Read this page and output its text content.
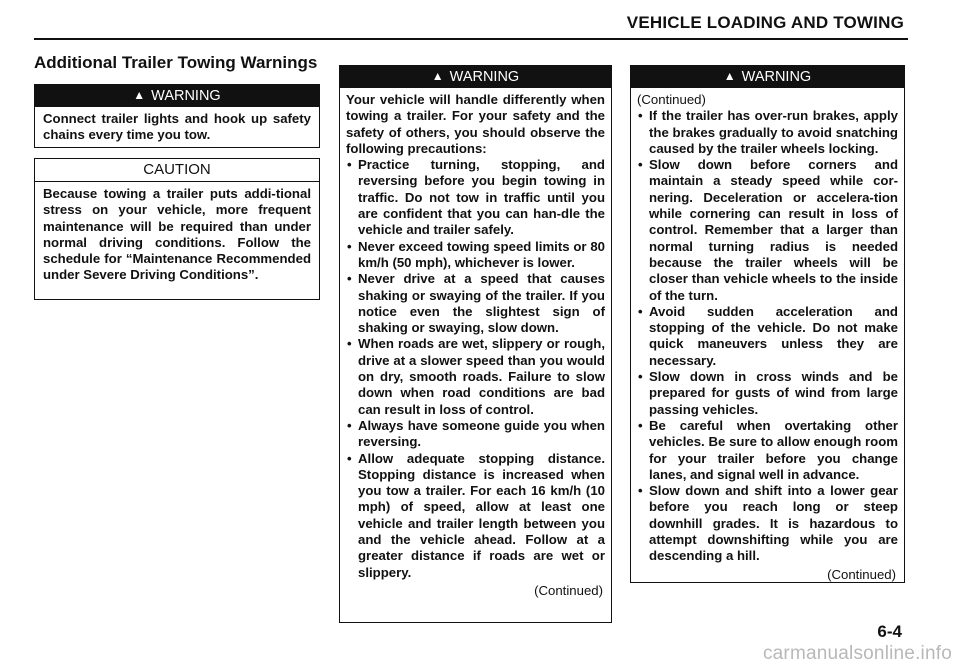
VEHICLE LOADING AND TOWING
Additional Trailer Towing Warnings
▲ WARNING
Connect trailer lights and hook up safety chains every time you tow.
CAUTION
Because towing a trailer puts addi-tional stress on your vehicle, more frequent maintenance will be required than under normal driving conditions. Follow the schedule for “Maintenance Recommended under Severe Driving Conditions”.
▲ WARNING
Your vehicle will handle differently when towing a trailer. For your safety and the safety of others, you should observe the following precautions:
• Practice turning, stopping, and reversing before you begin towing in traffic. Do not tow in traffic until you are confident that you can han-dle the vehicle and trailer safely.
• Never exceed towing speed limits or 80 km/h (50 mph), whichever is lower.
• Never drive at a speed that causes shaking or swaying of the trailer. If you notice even the slightest sign of shaking or swaying, slow down.
• When roads are wet, slippery or rough, drive at a slower speed than you would on dry, smooth roads. Failure to slow down when road conditions are bad can result in loss of control.
• Always have someone guide you when reversing.
• Allow adequate stopping distance. Stopping distance is increased when you tow a trailer. For each 16 km/h (10 mph) of speed, allow at least one vehicle and trailer length between you and the vehicle ahead. Follow at a greater distance if roads are wet or slippery.
(Continued)
▲ WARNING
(Continued)
• If the trailer has over-run brakes, apply the brakes gradually to avoid snatching caused by the trailer wheels locking.
• Slow down before corners and maintain a steady speed while cor-nering. Deceleration or accelera-tion while cornering can result in loss of control. Remember that a larger than normal turning radius is needed because the trailer wheels will be closer than vehicle wheels to the inside of the turn.
• Avoid sudden acceleration and stopping of the vehicle. Do not make quick maneuvers unless they are necessary.
• Slow down in cross winds and be prepared for gusts of wind from large passing vehicles.
• Be careful when overtaking other vehicles. Be sure to allow enough room for your trailer before you change lanes, and signal well in advance.
• Slow down and shift into a lower gear before you reach long or steep downhill grades. It is hazardous to attempt downshifting while you are descending a hill.
(Continued)
6-4
carmanualsonline.info
